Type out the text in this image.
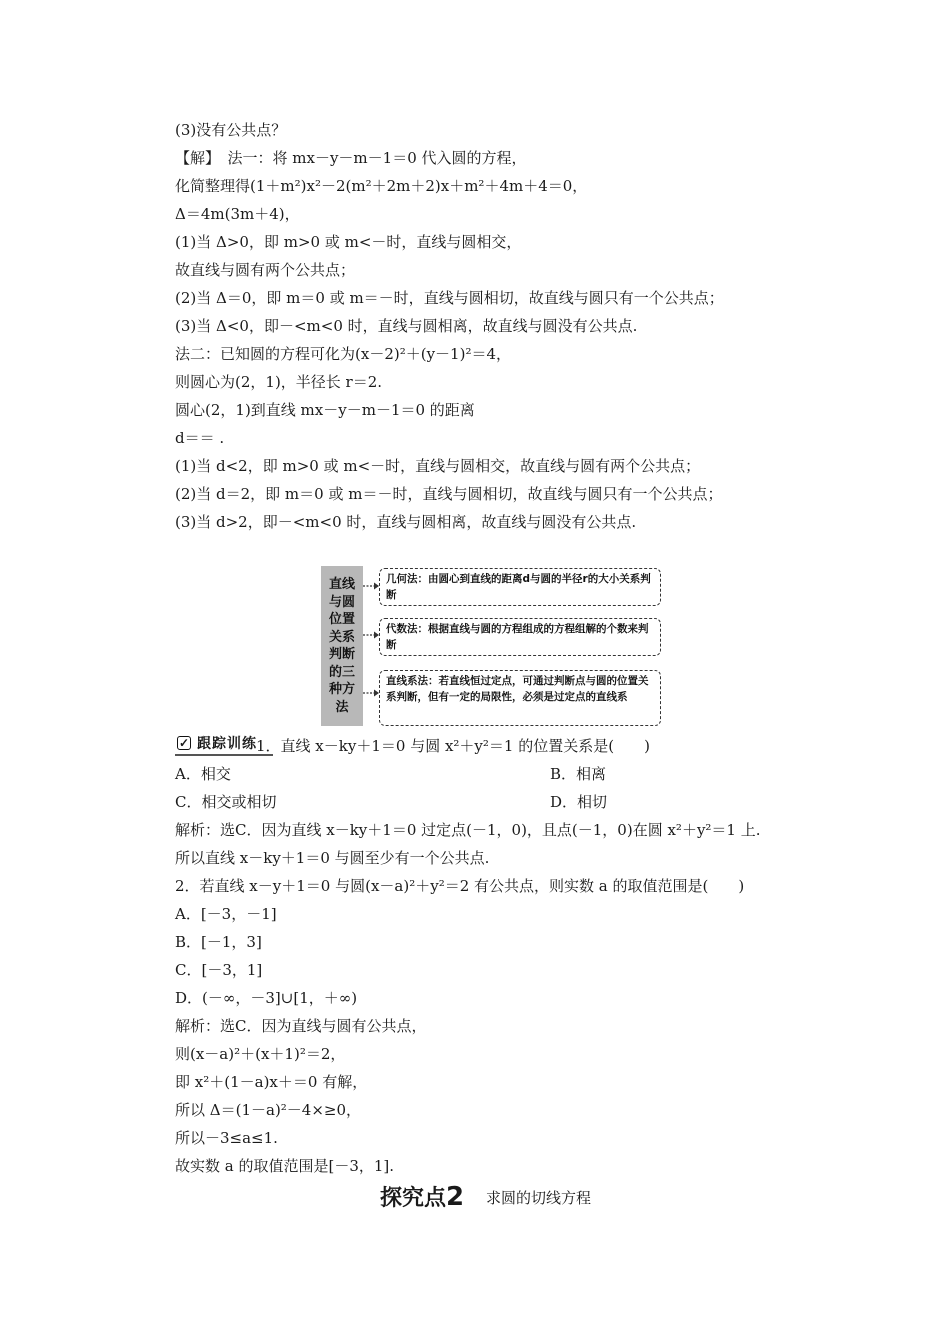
(3)没有公共点？
【解】　法一：将 mx－y－m－1＝0 代入圆的方程，
化简整理得(1＋m²)x²－2(m²＋2m＋2)x＋m²＋4m＋4＝0，
Δ＝4m(3m＋4)，
(1)当 Δ>0，即 m>0 或 m<－时，直线与圆相交，
故直线与圆有两个公共点；
(2)当 Δ＝0，即 m＝0 或 m＝－时，直线与圆相切，故直线与圆只有一个公共点；
(3)当 Δ<0，即－<m<0 时，直线与圆相离，故直线与圆没有公共点.
法二：已知圆的方程可化为(x－2)²＋(y－1)²＝4，
则圆心为(2，1)，半径长 r＝2.
圆心(2，1)到直线 mx－y－m－1＝0 的距离
d＝＝ .
(1)当 d<2，即 m>0 或 m<－时，直线与圆相交，故直线与圆有两个公共点；
(2)当 d＝2，即 m＝0 或 m＝－时，直线与圆相切，故直线与圆只有一个公共点；
(3)当 d>2，即－<m<0 时，直线与圆相离，故直线与圆没有公共点.
直线与圆位置关系判断的三种方法
几何法：由圆心到直线的距离d与圆的半径r的大小关系判断
代数法：根据直线与圆的方程组成的方程组解的个数来判断
直线系法：若直线恒过定点，可通过判断点与圆的位置关系判断，但有一定的局限性，必须是过定点的直线系
✓ 跟踪训练 1．直线 x－ky＋1＝0 与圆 x²＋y²＝1 的位置关系是(　　)
A．相交	B．相离
C．相交或相切	D．相切
解析：选C．因为直线 x－ky＋1＝0 过定点(－1，0)，且点(－1，0)在圆 x²＋y²＝1 上.
所以直线 x－ky＋1＝0 与圆至少有一个公共点.
2．若直线 x－y＋1＝0 与圆(x－a)²＋y²＝2 有公共点，则实数 a 的取值范围是(　　)
A．[－3，－1]
B．[－1，3]
C．[－3，1]
D．(－∞，－3]∪[1，＋∞)
解析：选C．因为直线与圆有公共点，
则(x－a)²＋(x＋1)²＝2，
即 x²＋(1－a)x＋＝0 有解，
所以 Δ＝(1－a)²－4×≥0，
所以－3≤a≤1.
故实数 a 的取值范围是[－3，1].
探究点2 求圆的切线方程
